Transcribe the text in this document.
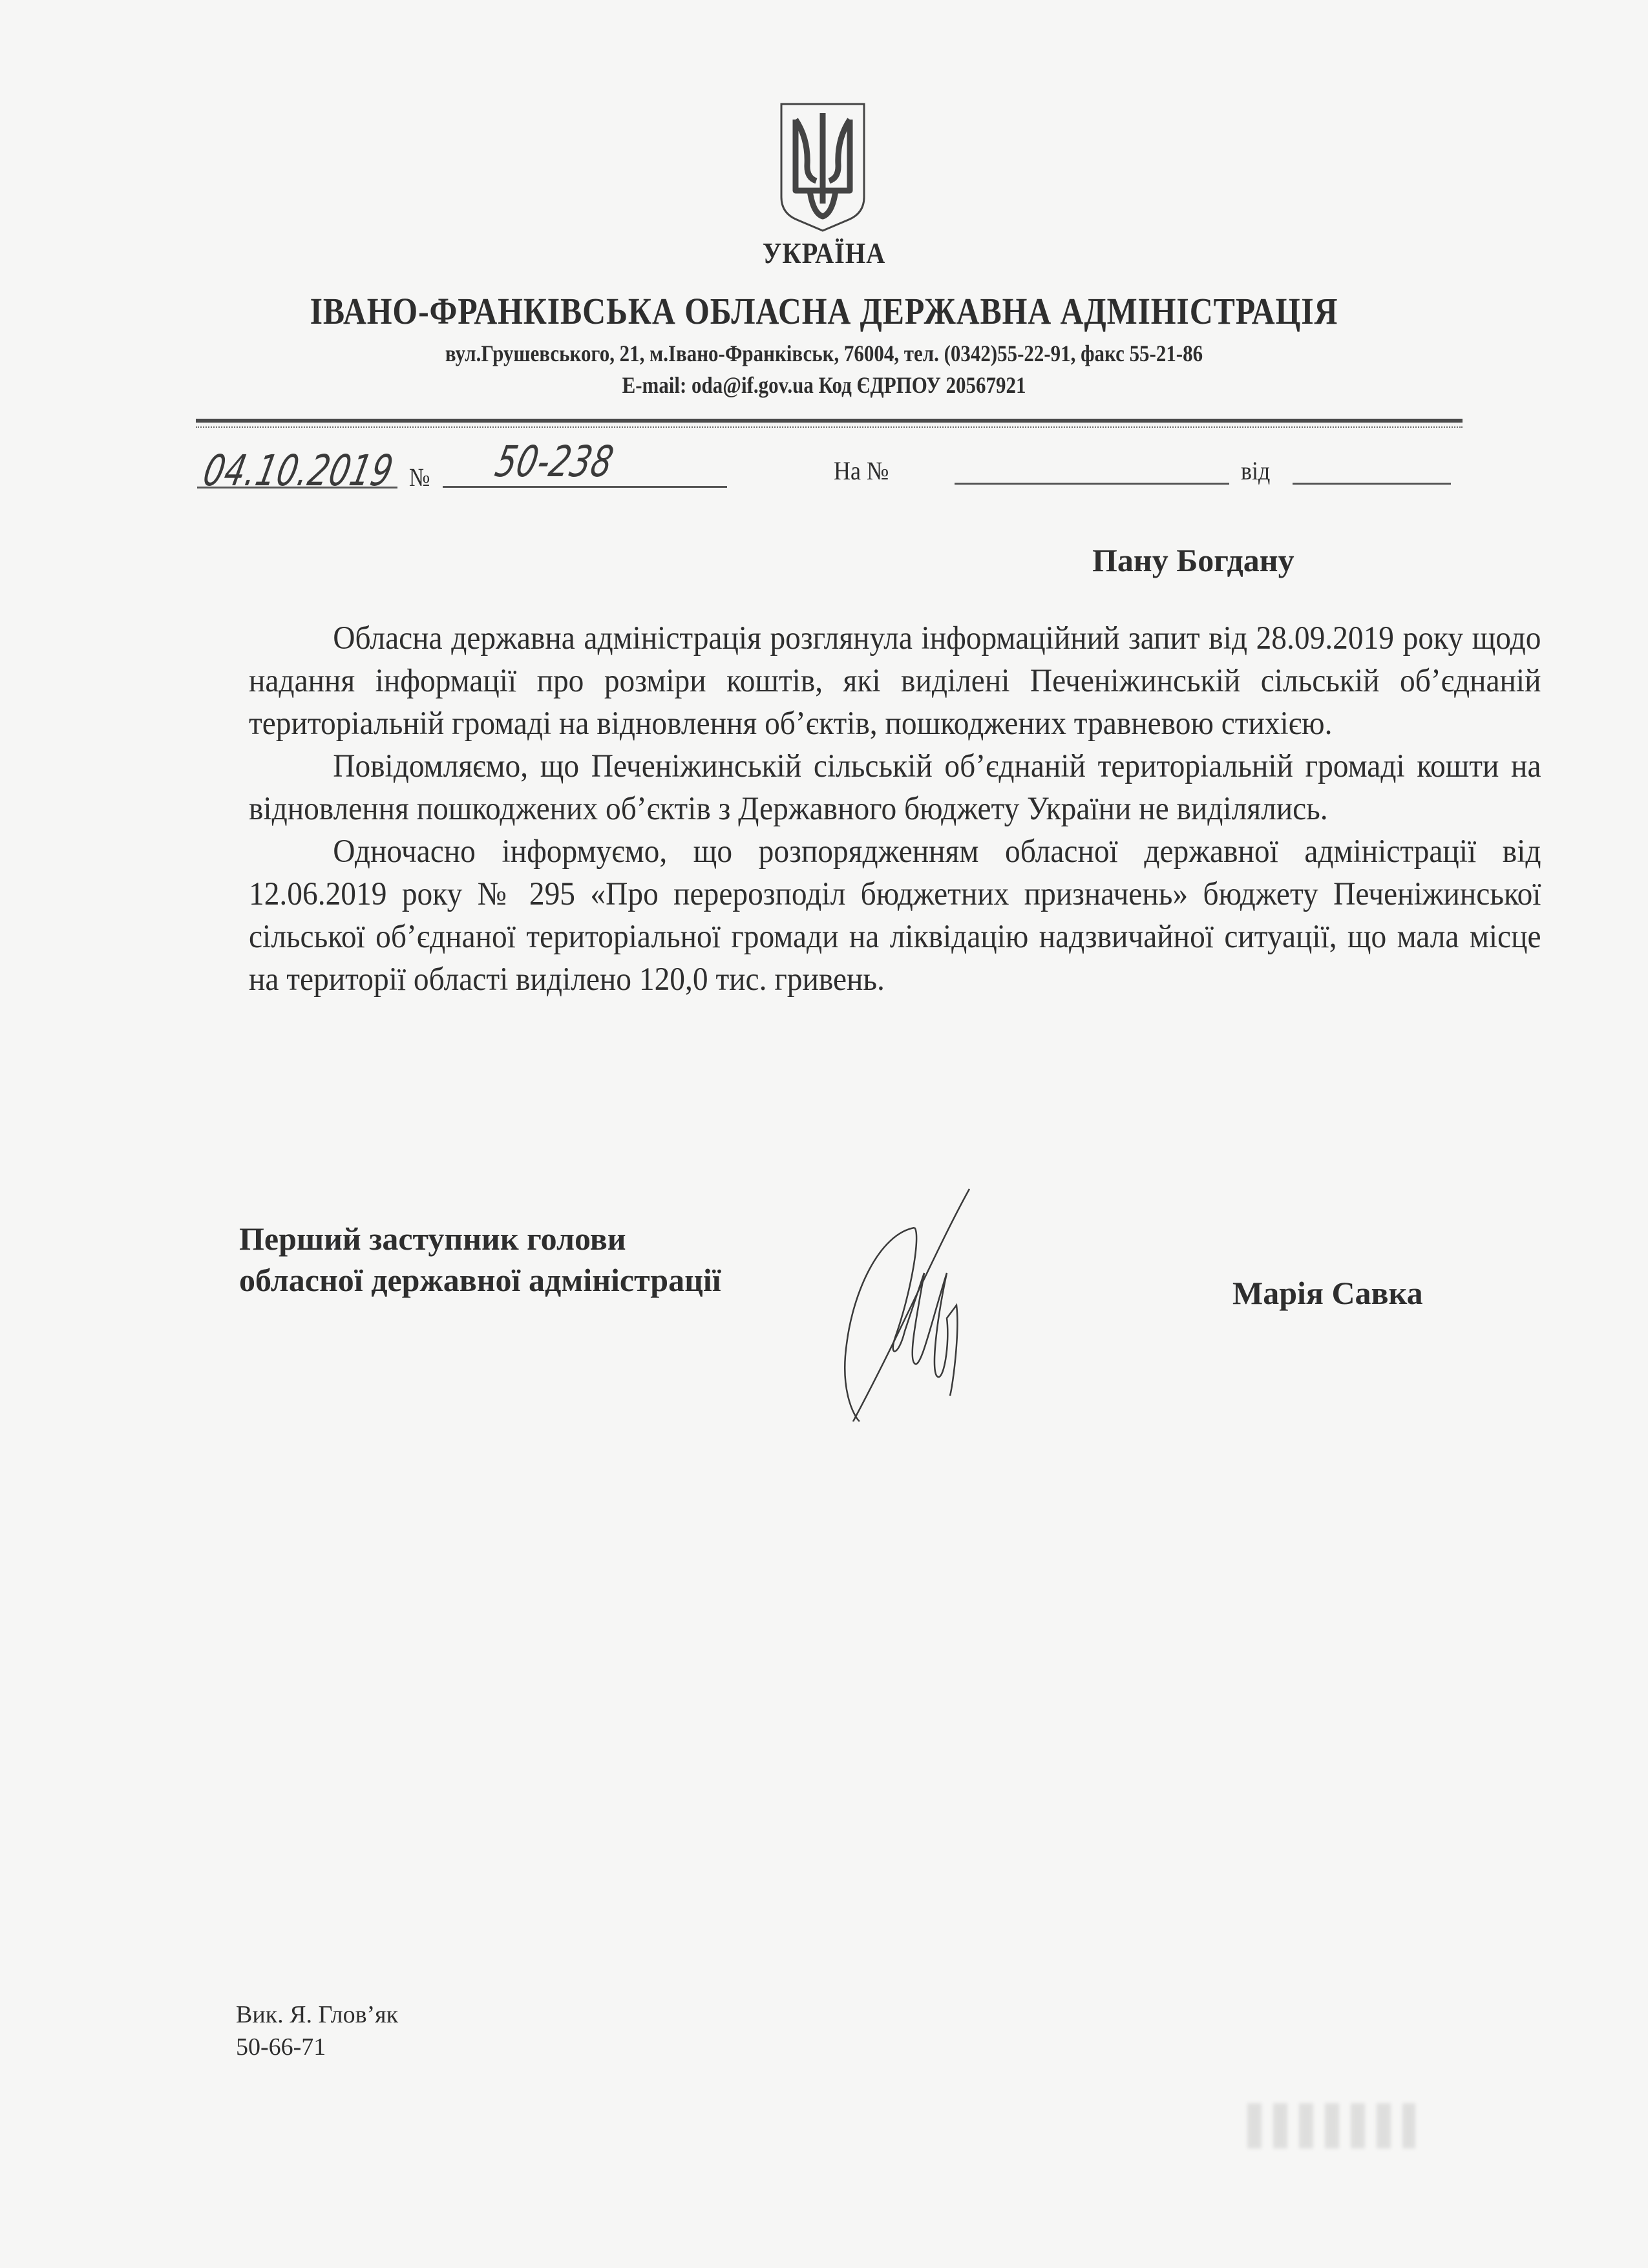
УКРАЇНА
ІВАНО-ФРАНКІВСЬКА ОБЛАСНА ДЕРЖАВНА АДМІНІСТРАЦІЯ
вул.Грушевського, 21, м.Івано-Франківськ, 76004, тел. (0342)55-22-91, факс 55-21-86
E-mail: oda@if.gov.ua Код ЄДРПОУ 20567921
04.10.2019 № 50-238	На №	від
Пану Богдану

Обласна державна адміністрація розглянула інформаційний запит від 28.09.2019 року щодо надання інформації про розміри коштів, які виділені Печеніжинській сільській об’єднаній територіальній громаді на відновлення об’єктів, пошкоджених травневою стихією.

Повідомляємо, що Печеніжинській сільській об’єднаній територіальній громаді кошти на відновлення пошкоджених об’єктів з Державного бюджету України не виділялись.

Одночасно інформуємо, що розпорядженням обласної державної адміністрації від 12.06.2019 року № 295 «Про перерозподіл бюджетних призначень» бюджету Печеніжинської сільської об’єднаної територіальної громади на ліквідацію надзвичайної ситуації, що мала місце на території області виділено 120,0 тис. гривень.

Перший заступник голови
обласної державної адміністрації	Марія Савка
Вик. Я. Глов’як
50-66-71
